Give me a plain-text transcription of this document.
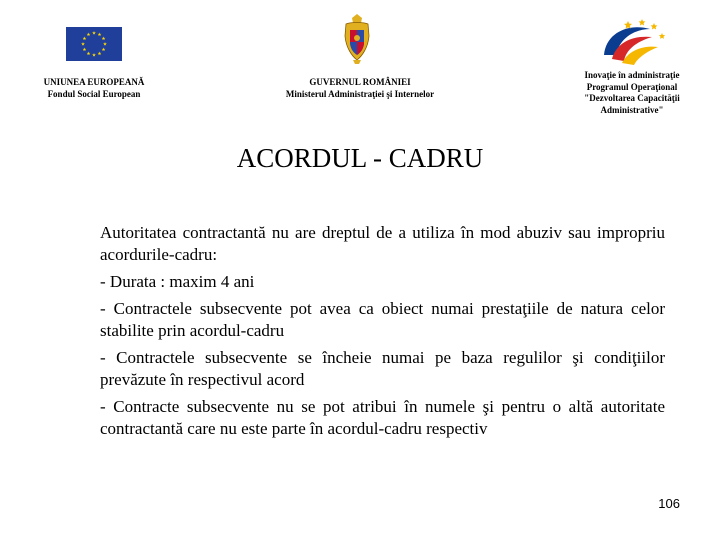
UNIUNEA EUROPEANĂ
Fondul Social European
GUVERNUL ROMÂNIEI
Ministerul Administraţiei şi Internelor
Inovaţie în administraţie
Programul Operaţional
"Dezvoltarea Capacităţii
Administrative"
ACORDUL - CADRU

Autoritatea contractantă nu are dreptul de a utiliza în mod abuziv sau impropriu acordurile-cadru:

- Durata : maxim 4 ani

- Contractele subsecvente pot avea ca obiect numai prestaţiile de natura celor stabilite prin acordul-cadru

- Contractele subsecvente se încheie numai pe baza regulilor şi condiţiilor prevăzute în respectivul acord

- Contracte subsecvente nu se pot atribui în numele şi pentru o altă autoritate contractantă care nu este parte în acordul-cadru respectiv

106
